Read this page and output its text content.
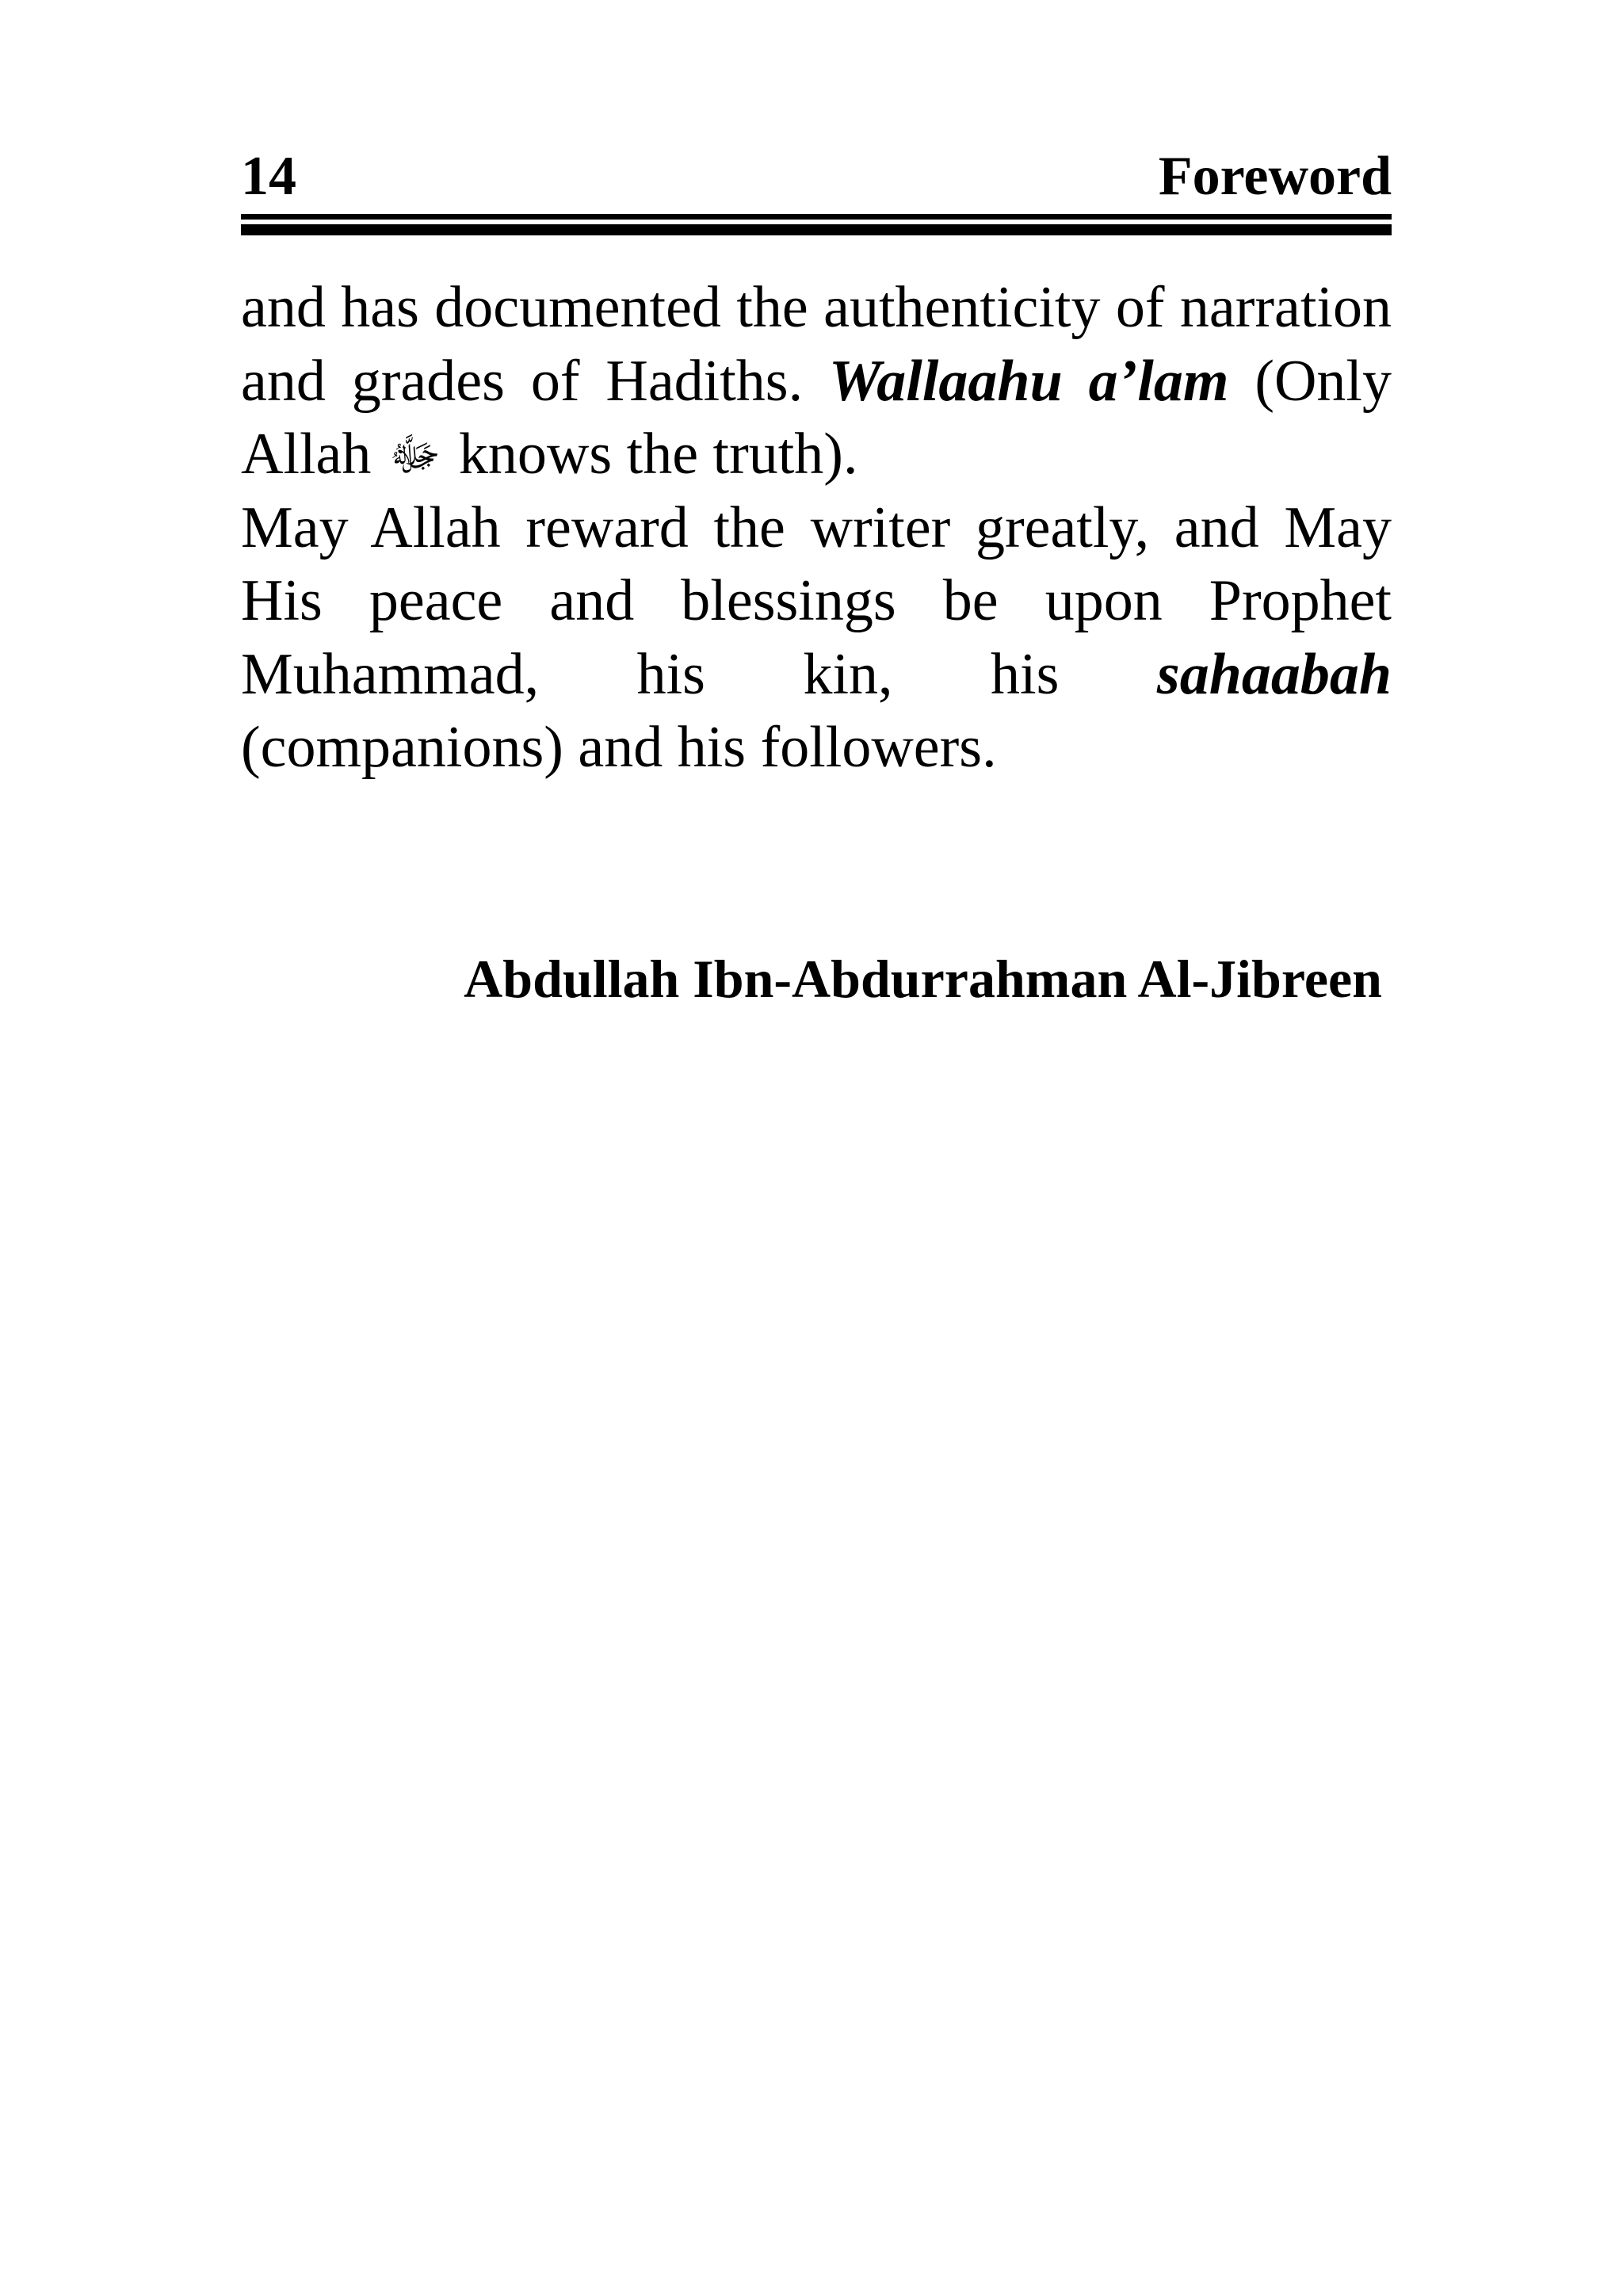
14	Foreword

and has documented the authenticity of narration and grades of Hadiths. Wallaahu a’lam (Only Allah ﷻ knows the truth).

May Allah reward the writer greatly, and May His peace and blessings be upon Prophet Muhammad, his kin, his sahaabah (companions) and his followers.

Abdullah Ibn-Abdurrahman Al-Jibreen
